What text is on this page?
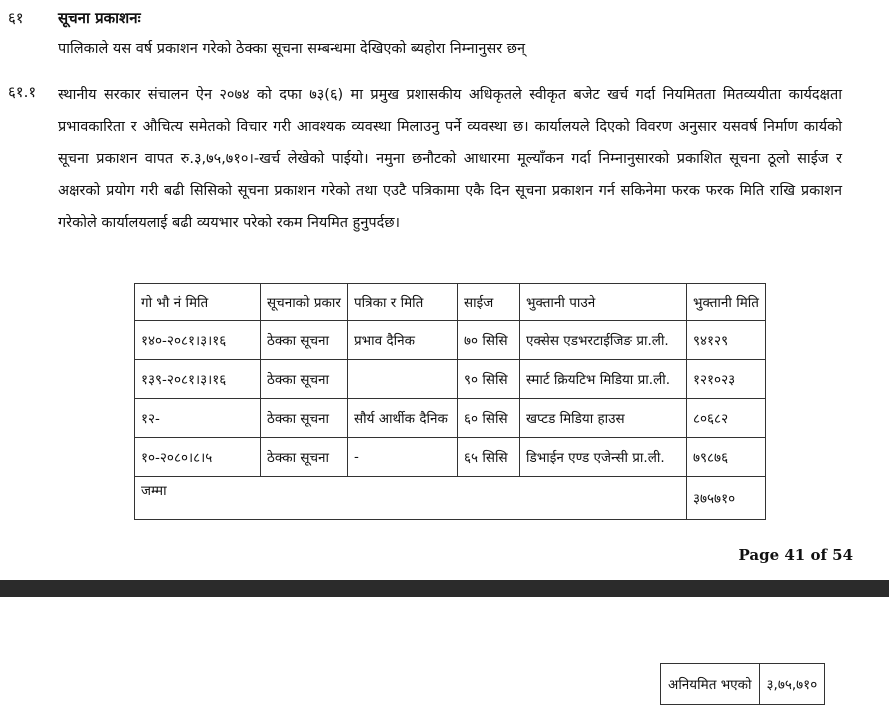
६१ सूचना प्रकाशनः
पालिकाले यस वर्ष प्रकाशन गरेको ठेक्का सूचना सम्बन्धमा देखिएको ब्यहोरा निम्नानुसर छन्
६१.१ स्थानीय सरकार संचालन ऐन २०७४ को दफा ७३(६) मा प्रमुख प्रशासकीय अधिकृतले स्वीकृत बजेट खर्च गर्दा नियमितता मितव्ययीता कार्यदक्षता प्रभावकारिता र औचित्य समेतको विचार गरी आवश्यक व्यवस्था मिलाउनु पर्ने व्यवस्था छ। कार्यालयले दिएको विवरण अनुसार यसवर्ष निर्माण कार्यको सूचना प्रकाशन वापत रु.३,७५,७१०।-खर्च लेखेको पाईयो। नमुना छनौटको आधारमा मूल्याँकन गर्दा निम्नानुसारको प्रकाशित सूचना ठूलो साईज र अक्षरको प्रयोग गरी बढी सिसिको सूचना प्रकाशन गरेको तथा एउटै पत्रिकामा एकै दिन सूचना प्रकाशन गर्न सकिनेमा फरक फरक मिति राखि प्रकाशन गरेकोले कार्यालयलाई बढी व्ययभार परेको रकम नियमित हुनुपर्दछ।
गो भौ नं मिति	सूचनाको प्रकार	पत्रिका र मिति	साईज	भुक्तानी पाउने	भुक्तानी मिति
१४०-२०८१।३।१६	ठेक्का सूचना	प्रभाव दैनिक	७० सिसि	एक्सेस एडभरटाईजिङ प्रा.ली.	९४१२९
१३९-२०८१।३।१६	ठेक्का सूचना		९० सिसि	स्मार्ट क्रियटिभ मिडिया प्रा.ली.	१२१०२३
१२-	ठेक्का सूचना	सौर्य आर्थीक दैनिक	६० सिसि	खप्टड मिडिया हाउस	८०६८२
१०-२०८०।८।५	ठेक्का सूचना	-	६५ सिसि	डिभाईन एण्ड एजेन्सी प्रा.ली.	७९८७६
जम्मा					३७५७१०
Page 41 of 54
अनियमित भएको	३,७५,७१०
